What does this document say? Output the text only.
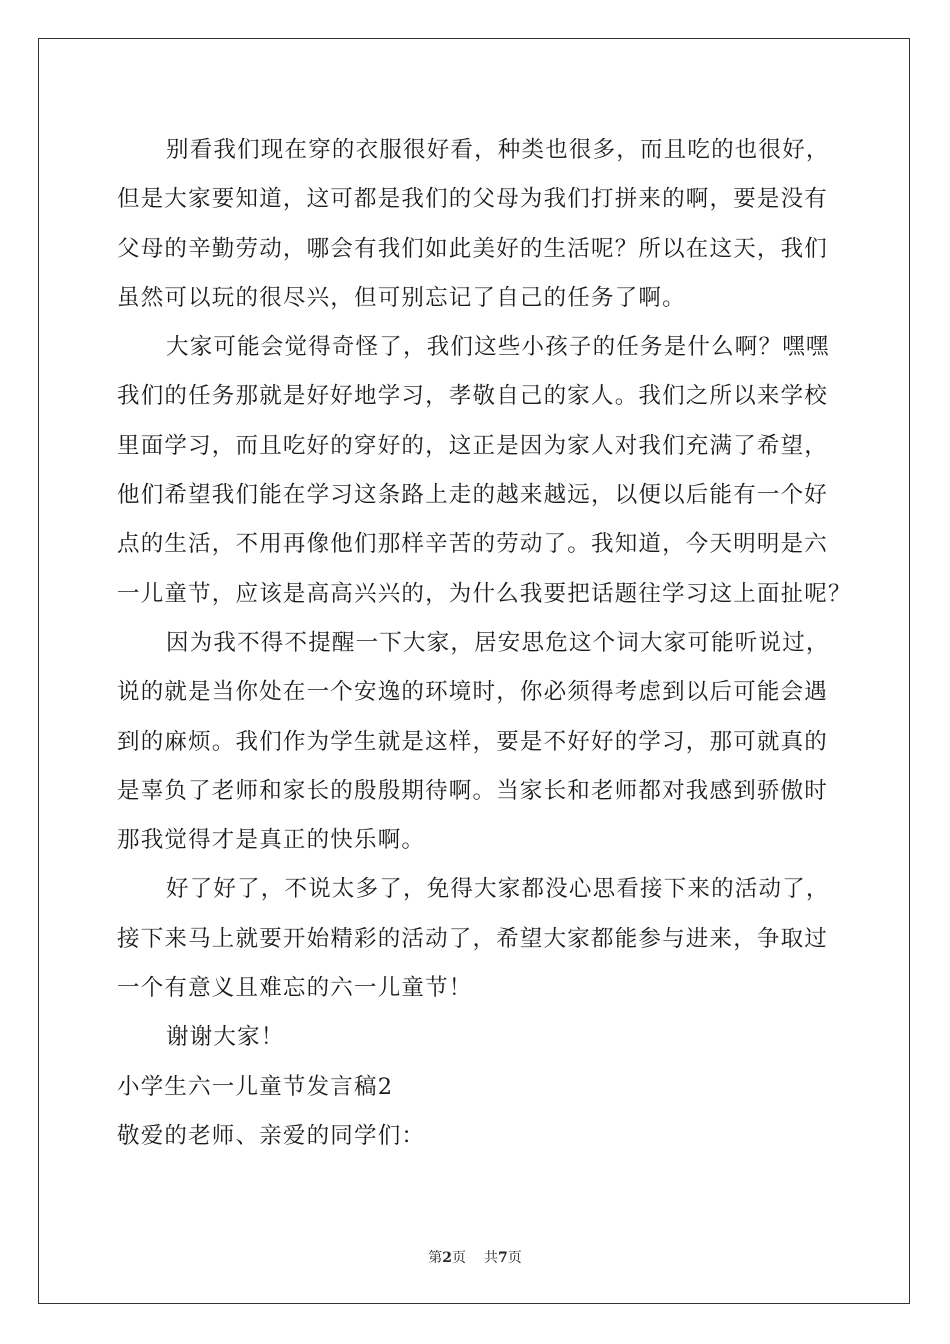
别看我们现在穿的衣服很好看，种类也很多，而且吃的也很好，
但是大家要知道，这可都是我们的父母为我们打拼来的啊，要是没有
父母的辛勤劳动，哪会有我们如此美好的生活呢？所以在这天，我们
虽然可以玩的很尽兴，但可别忘记了自己的任务了啊。
大家可能会觉得奇怪了，我们这些小孩子的任务是什么啊？嘿嘿
我们的任务那就是好好地学习，孝敬自己的家人。我们之所以来学校
里面学习，而且吃好的穿好的，这正是因为家人对我们充满了希望，
他们希望我们能在学习这条路上走的越来越远，以便以后能有一个好
点的生活，不用再像他们那样辛苦的劳动了。我知道，今天明明是六
一儿童节，应该是高高兴兴的，为什么我要把话题往学习这上面扯呢？
因为我不得不提醒一下大家，居安思危这个词大家可能听说过，
说的就是当你处在一个安逸的环境时，你必须得考虑到以后可能会遇
到的麻烦。我们作为学生就是这样，要是不好好的学习，那可就真的
是辜负了老师和家长的殷殷期待啊。当家长和老师都对我感到骄傲时
那我觉得才是真正的快乐啊。
好了好了，不说太多了，免得大家都没心思看接下来的活动了，
接下来马上就要开始精彩的活动了，希望大家都能参与进来，争取过
一个有意义且难忘的六一儿童节！
谢谢大家！
小学生六一儿童节发言稿2
敬爱的老师、亲爱的同学们：
第2页 共7页
